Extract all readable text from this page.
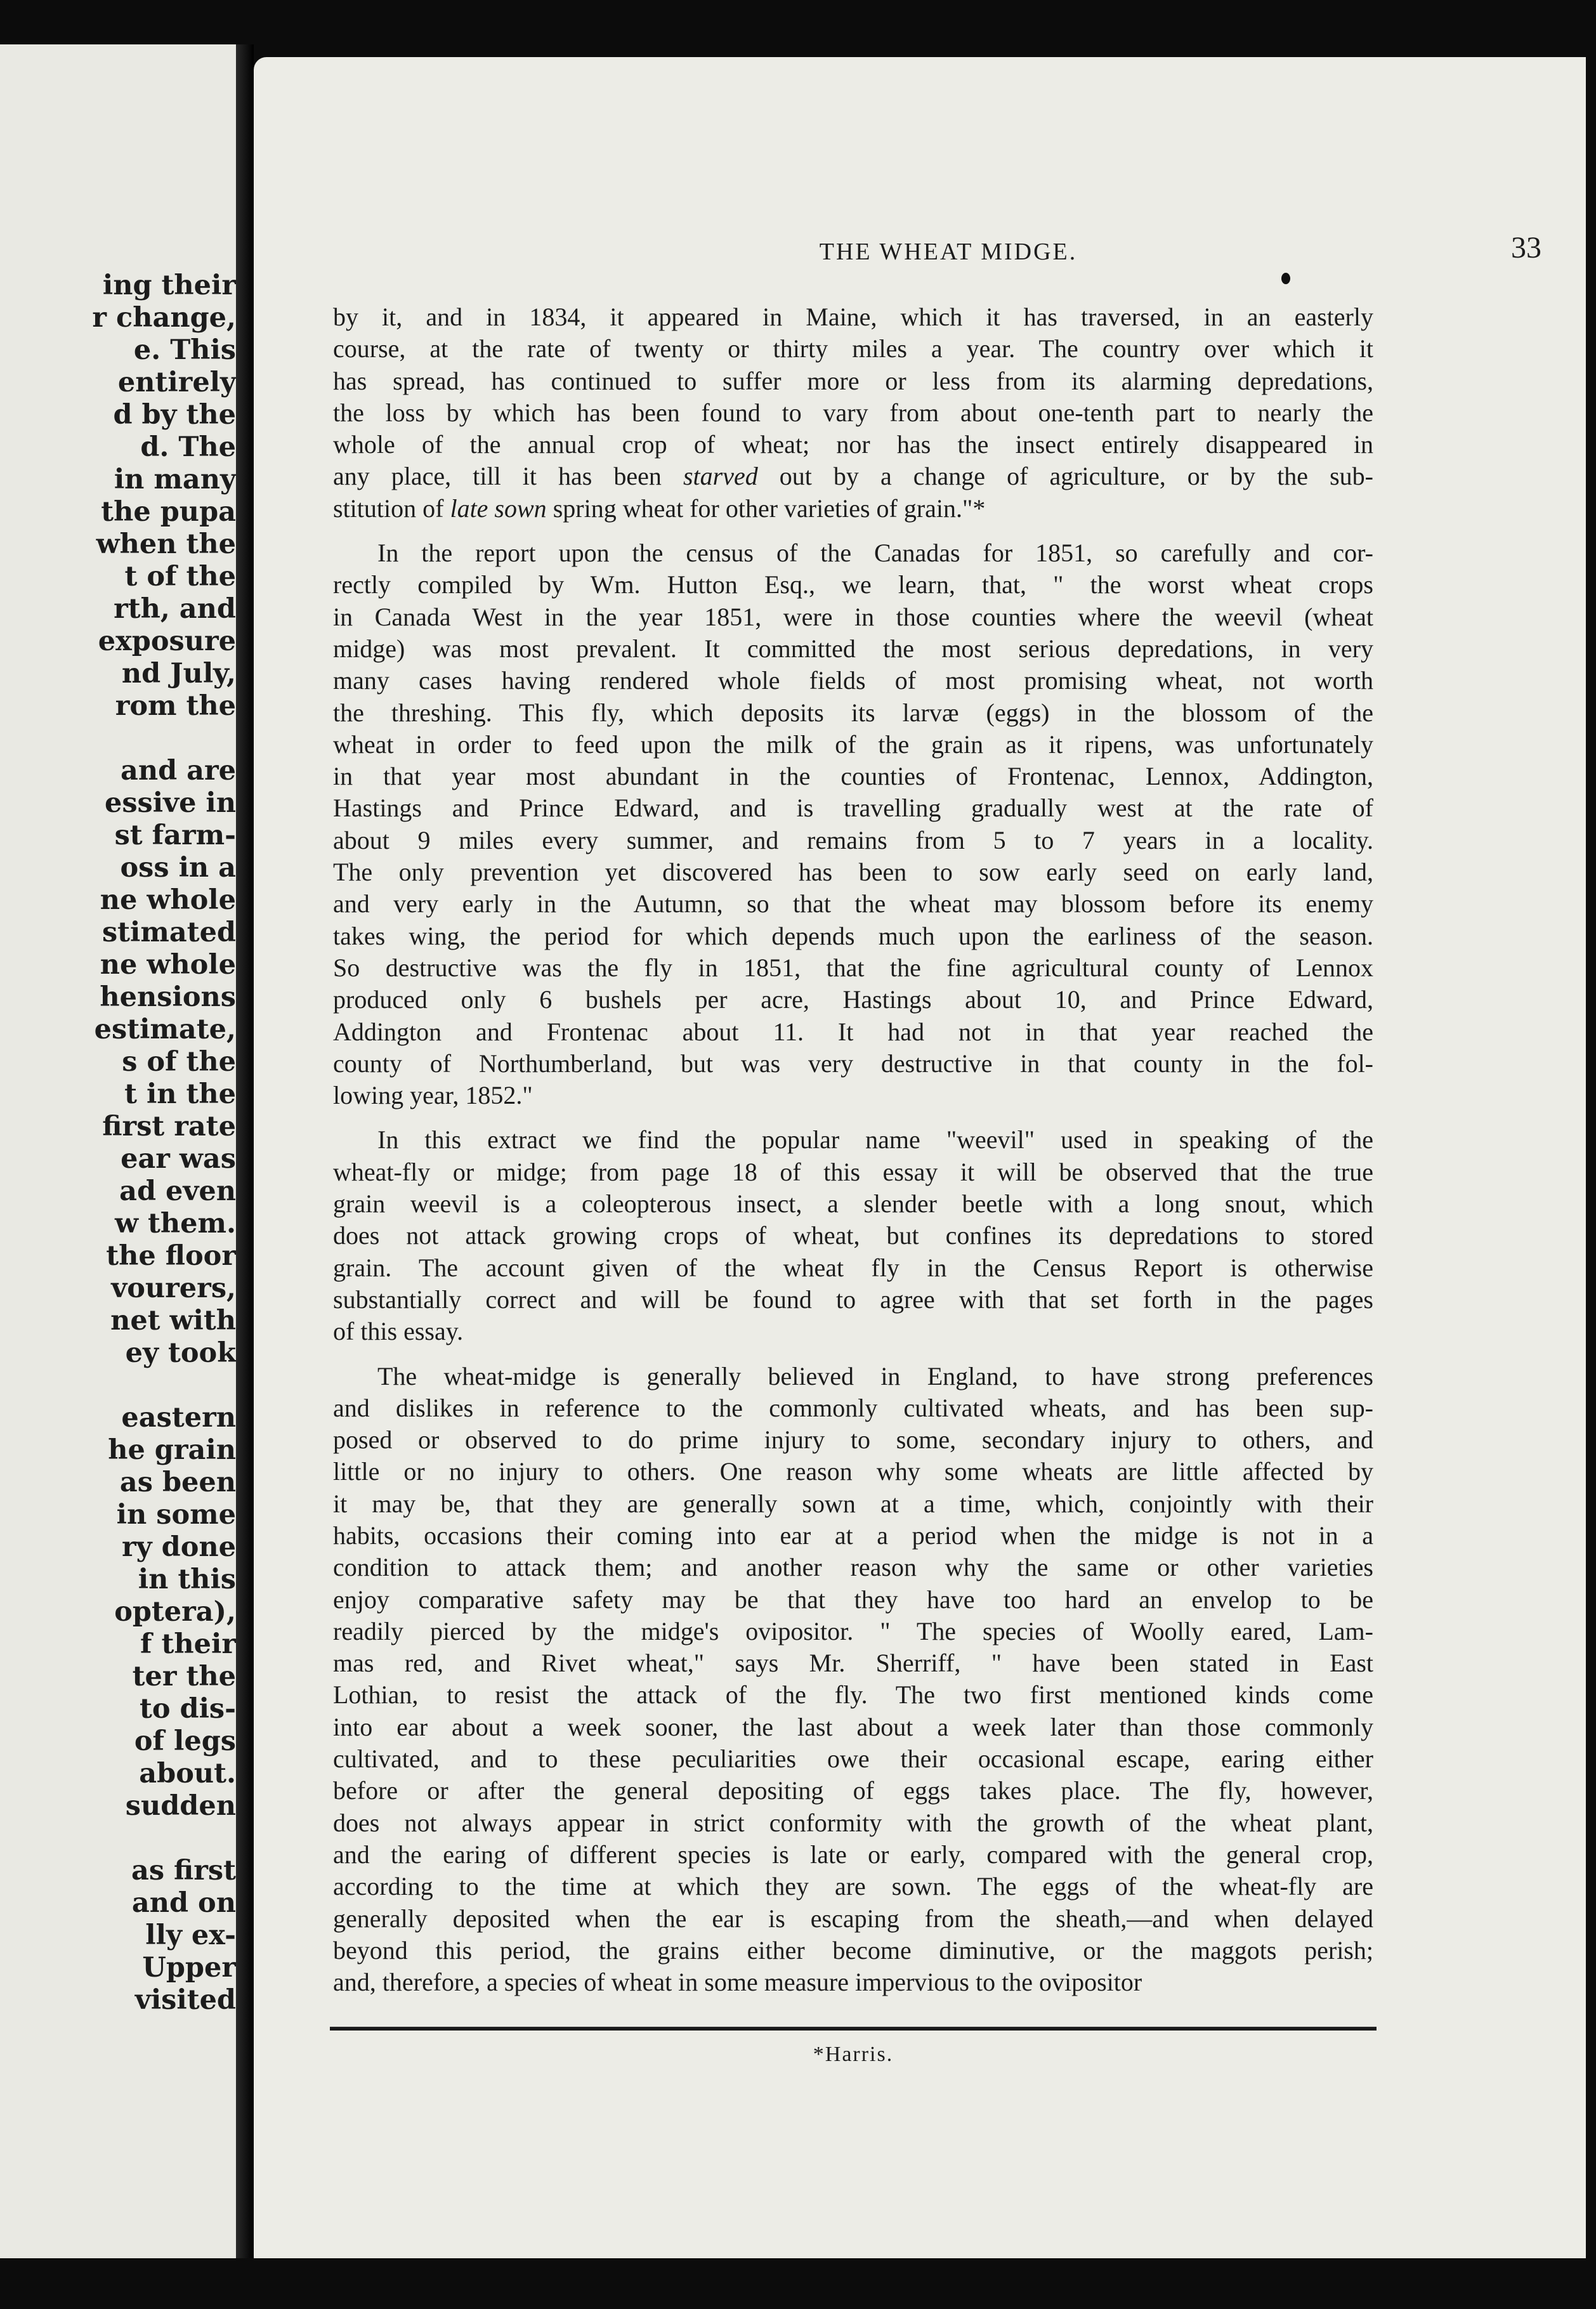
ing their
r change,
e. This
entirely
d by the
d. The
in many
the pupa
when the
t of the
rth, and
exposure
nd July,
rom the
and are
essive in
st farm-
oss in a
ne whole
stimated
ne whole
hensions
estimate,
s of the
t in the
first rate
ear was
ad even
w them.
the floor
vourers,
net with
ey took
eastern
he grain
as been
in some
ry done
in this
optera),
f their
ter the
to dis-
of legs
about.
sudden
as first
and on
lly ex-
Upper
visited
THE WHEAT MIDGE.	33
by it, and in 1834, it appeared in Maine, which it has traversed, in an easterly
course, at the rate of twenty or thirty miles a year. The country over which it
has spread, has continued to suffer more or less from its alarming depredations,
the loss by which has been found to vary from about one-tenth part to nearly the
whole of the annual crop of wheat; nor has the insect entirely disappeared in
any place, till it has been starved out by a change of agriculture, or by the sub-
stitution of late sown spring wheat for other varieties of grain."*
In the report upon the census of the Canadas for 1851, so carefully and cor-
rectly compiled by Wm. Hutton Esq., we learn, that, " the worst wheat crops
in Canada West in the year 1851, were in those counties where the weevil (wheat
midge) was most prevalent. It committed the most serious depredations, in very
many cases having rendered whole fields of most promising wheat, not worth
the threshing. This fly, which deposits its larvæ (eggs) in the blossom of the
wheat in order to feed upon the milk of the grain as it ripens, was unfortunately
in that year most abundant in the counties of Frontenac, Lennox, Addington,
Hastings and Prince Edward, and is travelling gradually west at the rate of
about 9 miles every summer, and remains from 5 to 7 years in a locality.
The only prevention yet discovered has been to sow early seed on early land,
and very early in the Autumn, so that the wheat may blossom before its enemy
takes wing, the period for which depends much upon the earliness of the season.
So destructive was the fly in 1851, that the fine agricultural county of Lennox
produced only 6 bushels per acre, Hastings about 10, and Prince Edward,
Addington and Frontenac about 11. It had not in that year reached the
county of Northumberland, but was very destructive in that county in the fol-
lowing year, 1852."
In this extract we find the popular name "weevil" used in speaking of the
wheat-fly or midge; from page 18 of this essay it will be observed that the true
grain weevil is a coleopterous insect, a slender beetle with a long snout, which
does not attack growing crops of wheat, but confines its depredations to stored
grain. The account given of the wheat fly in the Census Report is otherwise
substantially correct and will be found to agree with that set forth in the pages
of this essay.
The wheat-midge is generally believed in England, to have strong preferences
and dislikes in reference to the commonly cultivated wheats, and has been sup-
posed or observed to do prime injury to some, secondary injury to others, and
little or no injury to others. One reason why some wheats are little affected by
it may be, that they are generally sown at a time, which, conjointly with their
habits, occasions their coming into ear at a period when the midge is not in a
condition to attack them; and another reason why the same or other varieties
enjoy comparative safety may be that they have too hard an envelop to be
readily pierced by the midge's ovipositor. " The species of Woolly eared, Lam-
mas red, and Rivet wheat," says Mr. Sherriff, " have been stated in East
Lothian, to resist the attack of the fly. The two first mentioned kinds come
into ear about a week sooner, the last about a week later than those commonly
cultivated, and to these peculiarities owe their occasional escape, earing either
before or after the general depositing of eggs takes place. The fly, however,
does not always appear in strict conformity with the growth of the wheat plant,
and the earing of different species is late or early, compared with the general crop,
according to the time at which they are sown. The eggs of the wheat-fly are
generally deposited when the ear is escaping from the sheath,—and when delayed
beyond this period, the grains either become diminutive, or the maggots perish;
and, therefore, a species of wheat in some measure impervious to the ovipositor
*Harris.
